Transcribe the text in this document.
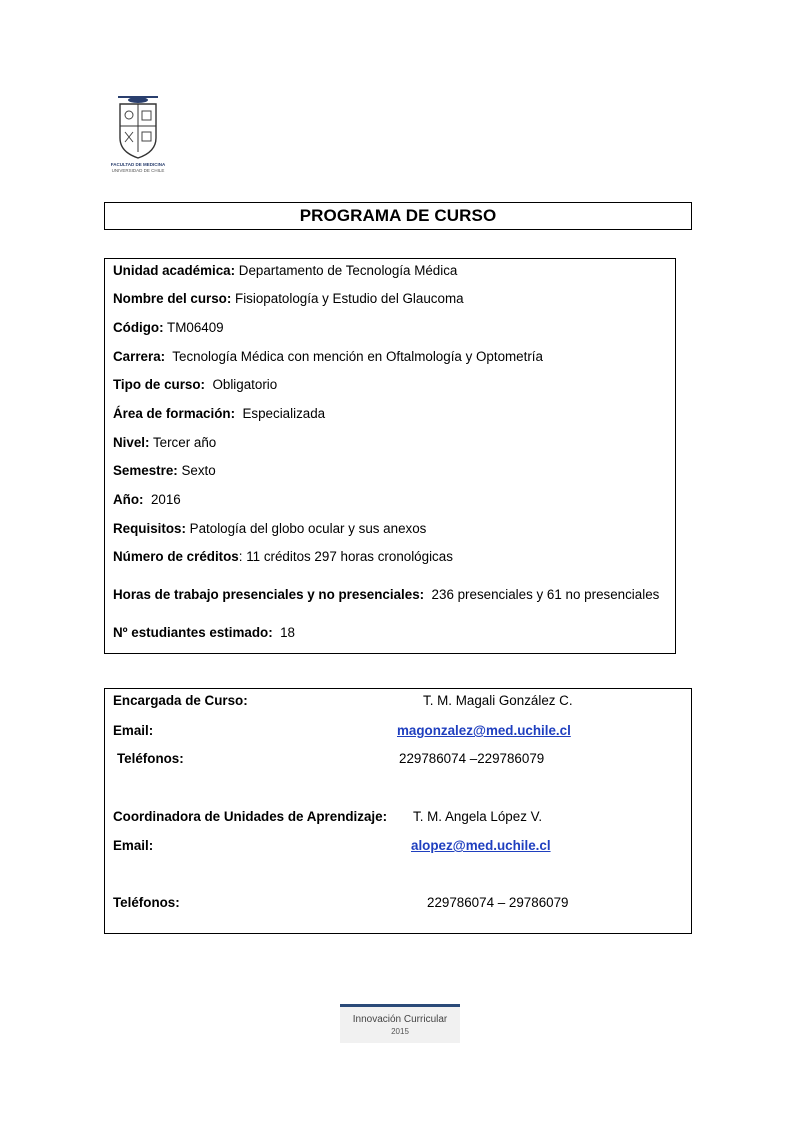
FACULTAD DE MEDICINA
UNIVERSIDAD DE CHILE
PROGRAMA DE CURSO
Unidad académica: Departamento de Tecnología Médica
Nombre del curso: Fisiopatología y Estudio del Glaucoma
Código: TM06409
Carrera:  Tecnología Médica con mención en Oftalmología y Optometría
Tipo de curso:  Obligatorio
Área de formación:  Especializada
Nivel: Tercer año
Semestre: Sexto
Año:  2016
Requisitos: Patología del globo ocular y sus anexos
Número de créditos: 11 créditos 297 horas cronológicas
Horas de trabajo presenciales y no presenciales:  236 presenciales y 61 no presenciales
Nº estudiantes estimado:  18
Encargada de Curso:	T. M. Magali González C.
Email:	magonzalez@med.uchile.cl
Teléfonos:	229786074 –229786079
Coordinadora de Unidades de Aprendizaje: T. M. Angela López V.
Email:	alopez@med.uchile.cl
Teléfonos:	229786074 – 29786079
Innovación Curricular
2015
